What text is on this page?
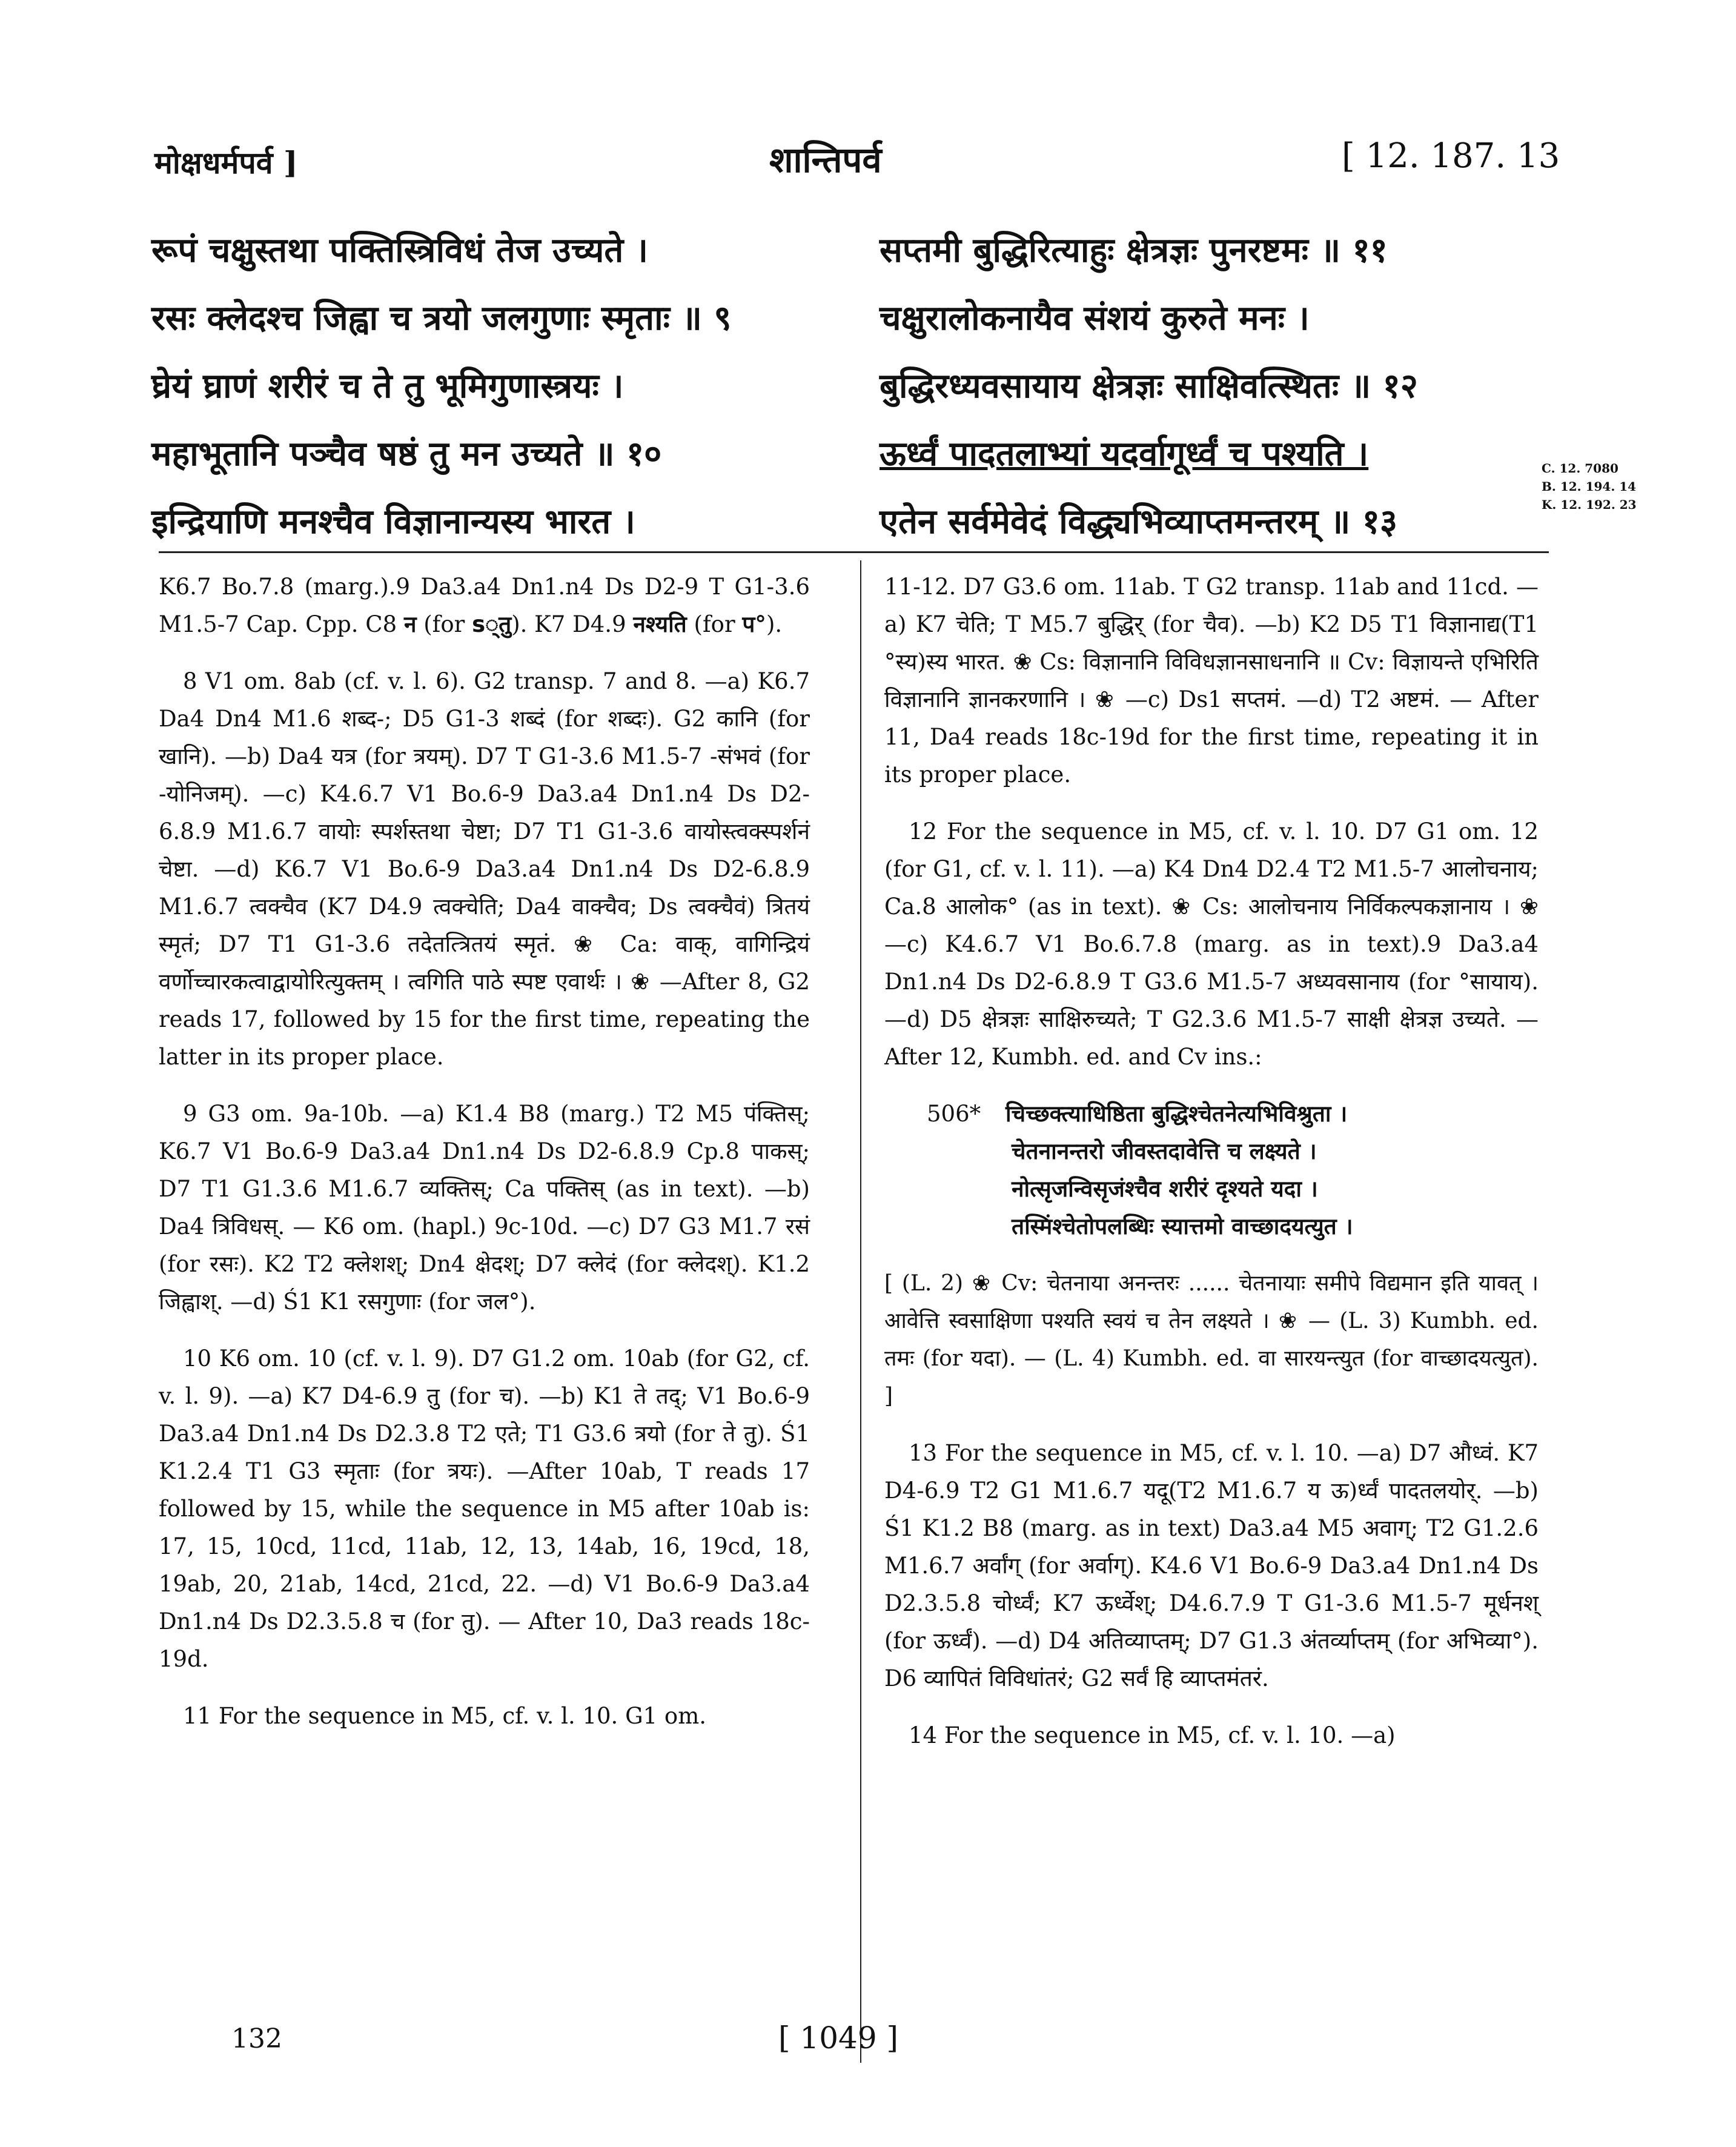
मोक्षधर्मपर्व ]	शान्तिपर्व	[ 12. 187. 13
रूपं चक्षुस्तथा पक्तिस्त्रिविधं तेज उच्यते ।
रसः क्लेदश्च जिह्वा च त्रयो जलगुणाः स्मृताः ॥ ९
घ्रेयं घ्राणं शरीरं च ते तु भूमिगुणास्त्रयः ।
महाभूतानि पञ्चैव षष्ठं तु मन उच्यते ॥ १०
इन्द्रियाणि मनश्चैव विज्ञानान्यस्य भारत ।
सप्तमी बुद्धिरित्याहुः क्षेत्रज्ञः पुनरष्टमः ॥ ११
चक्षुरालोकनायैव संशयं कुरुते मनः ।
बुद्धिरध्यवसायाय क्षेत्रज्ञः साक्षिवत्स्थितः ॥ १२
ऊर्ध्वं पादतलाभ्यां यदर्वागूर्ध्वं च पश्यति ।
एतेन सर्वमेवेदं विद्ध्यभिव्याप्तमन्तरम् ॥ १३
C. 12. 7080
B. 12. 194. 14
K. 12. 192. 23

K6.7 Bo.7.8 (marg.).9 Da3.a4 Dn1.n4 Ds D2-9 T G1-3.6 M1.5-7 Cap. Cpp. C8 न (for s्तु). K7 D4.9 नश्यति (for प°).

8 V1 om. 8ab (cf. v. l. 6). G2 transp. 7 and 8. —a) K6.7 Da4 Dn4 M1.6 शब्द-; D5 G1-3 शब्दं (for शब्दः). G2 कानि (for खानि). —b) Da4 यत्र (for त्रयम्). D7 T G1-3.6 M1.5-7 -संभवं (for -योनिजम्). —c) K4.6.7 V1 Bo.6-9 Da3.a4 Dn1.n4 Ds D2-6.8.9 M1.6.7 वायोः स्पर्शस्तथा चेष्टा; D7 T1 G1-3.6 वायोस्त्वक्स्पर्शनं चेष्टा. —d) K6.7 V1 Bo.6-9 Da3.a4 Dn1.n4 Ds D2-6.8.9 M1.6.7 त्वक्चैव (K7 D4.9 त्वक्चेति; Da4 वाक्चैव; Ds त्वक्चैवं) त्रितयं स्मृतं; D7 T1 G1-3.6 तदेतत्त्रितयं स्मृतं. ❀ Ca: वाक्, वागिन्द्रियं वर्णोच्चारकत्वाद्वायोरित्युक्तम् । त्वगिति पाठे स्पष्ट एवार्थः । ❀ —After 8, G2 reads 17, followed by 15 for the first time, repeating the latter in its proper place.

9 G3 om. 9a-10b. —a) K1.4 B8 (marg.) T2 M5 पंक्तिस्; K6.7 V1 Bo.6-9 Da3.a4 Dn1.n4 Ds D2-6.8.9 Cp.8 पाकस्; D7 T1 G1.3.6 M1.6.7 व्यक्तिस्; Ca पक्तिस् (as in text). —b) Da4 त्रिविधस्. — K6 om. (hapl.) 9c-10d. —c) D7 G3 M1.7 रसं (for रसः). K2 T2 क्लेशश्; Dn4 क्षेदश्; D7 क्लेदं (for क्लेदश्). K1.2 जिह्वाश्. —d) Ś1 K1 रसगुणाः (for जल°).

10 K6 om. 10 (cf. v. l. 9). D7 G1.2 om. 10ab (for G2, cf. v. l. 9). —a) K7 D4-6.9 तु (for च). —b) K1 ते तद्; V1 Bo.6-9 Da3.a4 Dn1.n4 Ds D2.3.8 T2 एते; T1 G3.6 त्रयो (for ते तु). Ś1 K1.2.4 T1 G3 स्मृताः (for त्रयः). —After 10ab, T reads 17 followed by 15, while the sequence in M5 after 10ab is: 17, 15, 10cd, 11cd, 11ab, 12, 13, 14ab, 16, 19cd, 18, 19ab, 20, 21ab, 14cd, 21cd, 22. —d) V1 Bo.6-9 Da3.a4 Dn1.n4 Ds D2.3.5.8 च (for तु). — After 10, Da3 reads 18c-19d.

11 For the sequence in M5, cf. v. l. 10. G1 om.

11-12. D7 G3.6 om. 11ab. T G2 transp. 11ab and 11cd. —a) K7 चेति; T M5.7 बुद्धिर् (for चैव). —b) K2 D5 T1 विज्ञानाद्य(T1 °स्य)स्य भारत. ❀ Cs: विज्ञानानि विविधज्ञानसाधनानि ॥ Cv: विज्ञायन्ते एभिरिति विज्ञानानि ज्ञानकरणानि । ❀ —c) Ds1 सप्तमं. —d) T2 अष्टमं. — After 11, Da4 reads 18c-19d for the first time, repeating it in its proper place.

12 For the sequence in M5, cf. v. l. 10. D7 G1 om. 12 (for G1, cf. v. l. 11). —a) K4 Dn4 D2.4 T2 M1.5-7 आलोचनाय; Ca.8 आलोक° (as in text). ❀ Cs: आलोचनाय निर्विकल्पकज्ञानाय । ❀ —c) K4.6.7 V1 Bo.6.7.8 (marg. as in text).9 Da3.a4 Dn1.n4 Ds D2-6.8.9 T G3.6 M1.5-7 अध्यवसानाय (for °सायाय). —d) D5 क्षेत्रज्ञः साक्षिरुच्यते; T G2.3.6 M1.5-7 साक्षी क्षेत्रज्ञ उच्यते. —After 12, Kumbh. ed. and Cv ins.:

506* चिच्छक्त्याधिष्ठिता बुद्धिश्चेतनेत्यभिविश्रुता ।
चेतनानन्तरो जीवस्तदावेत्ति च लक्ष्यते ।
नोत्सृजन्विसृजंश्चैव शरीरं दृश्यते यदा ।
तस्मिंश्चेतोपलब्धिः स्यात्तमो वाच्छादयत्युत ।

[ (L. 2) ❀ Cv: चेतनाया अनन्तरः ...... चेतनायाः समीपे विद्यमान इति यावत् । आवेत्ति स्वसाक्षिणा पश्यति स्वयं च तेन लक्ष्यते । ❀ — (L. 3) Kumbh. ed. तमः (for यदा). — (L. 4) Kumbh. ed. वा सारयन्त्युत (for वाच्छादयत्युत). ]

13 For the sequence in M5, cf. v. l. 10. —a) D7 औध्वं. K7 D4-6.9 T2 G1 M1.6.7 यदू(T2 M1.6.7 य ऊ)र्ध्वं पादतलयोर्. —b) Ś1 K1.2 B8 (marg. as in text) Da3.a4 M5 अवाग्; T2 G1.2.6 M1.6.7 अर्वांग् (for अर्वाग्). K4.6 V1 Bo.6-9 Da3.a4 Dn1.n4 Ds D2.3.5.8 चोर्ध्वं; K7 ऊर्ध्वेश्; D4.6.7.9 T G1-3.6 M1.5-7 मूर्धनश् (for ऊर्ध्वं). —d) D4 अतिव्याप्तम्; D7 G1.3 अंतर्व्याप्तम् (for अभिव्या°). D6 व्यापितं विविधांतरं; G2 सर्वं हि व्याप्तमंतरं.

14 For the sequence in M5, cf. v. l. 10. —a)

132	[ 1049 ]
